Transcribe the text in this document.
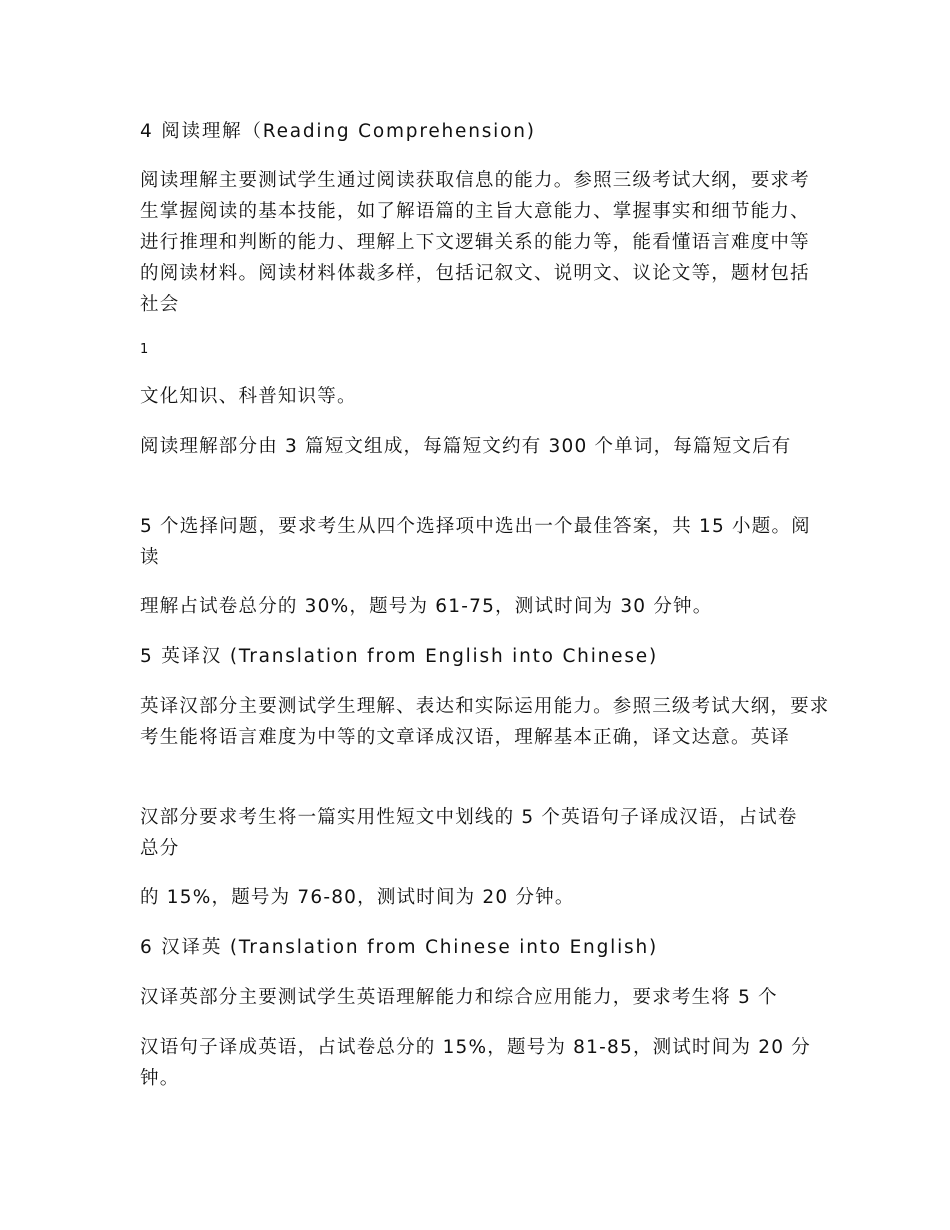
4 阅读理解（Reading Comprehension)
阅读理解主要测试学生通过阅读获取信息的能力。参照三级考试大纲，要求考生掌握阅读的基本技能，如了解语篇的主旨大意能力、掌握事实和细节能力、进行推理和判断的能力、理解上下文逻辑关系的能力等，能看懂语言难度中等的阅读材料。阅读材料体裁多样，包括记叙文、说明文、议论文等，题材包括社会
1
文化知识、科普知识等。
阅读理解部分由 3 篇短文组成，每篇短文约有 300 个单词，每篇短文后有
5 个选择问题，要求考生从四个选择项中选出一个最佳答案，共 15 小题。阅读
理解占试卷总分的 30%，题号为 61-75，测试时间为 30 分钟。
5 英译汉 (Translation from English into Chinese)
英译汉部分主要测试学生理解、表达和实际运用能力。参照三级考试大纲，要求考生能将语言难度为中等的文章译成汉语，理解基本正确，译文达意。英译
汉部分要求考生将一篇实用性短文中划线的 5 个英语句子译成汉语，占试卷总分
的 15%，题号为 76-80，测试时间为 20 分钟。
6 汉译英 (Translation from Chinese into English)
汉译英部分主要测试学生英语理解能力和综合应用能力，要求考生将 5 个
汉语句子译成英语，占试卷总分的 15%，题号为 81-85，测试时间为 20 分钟。
